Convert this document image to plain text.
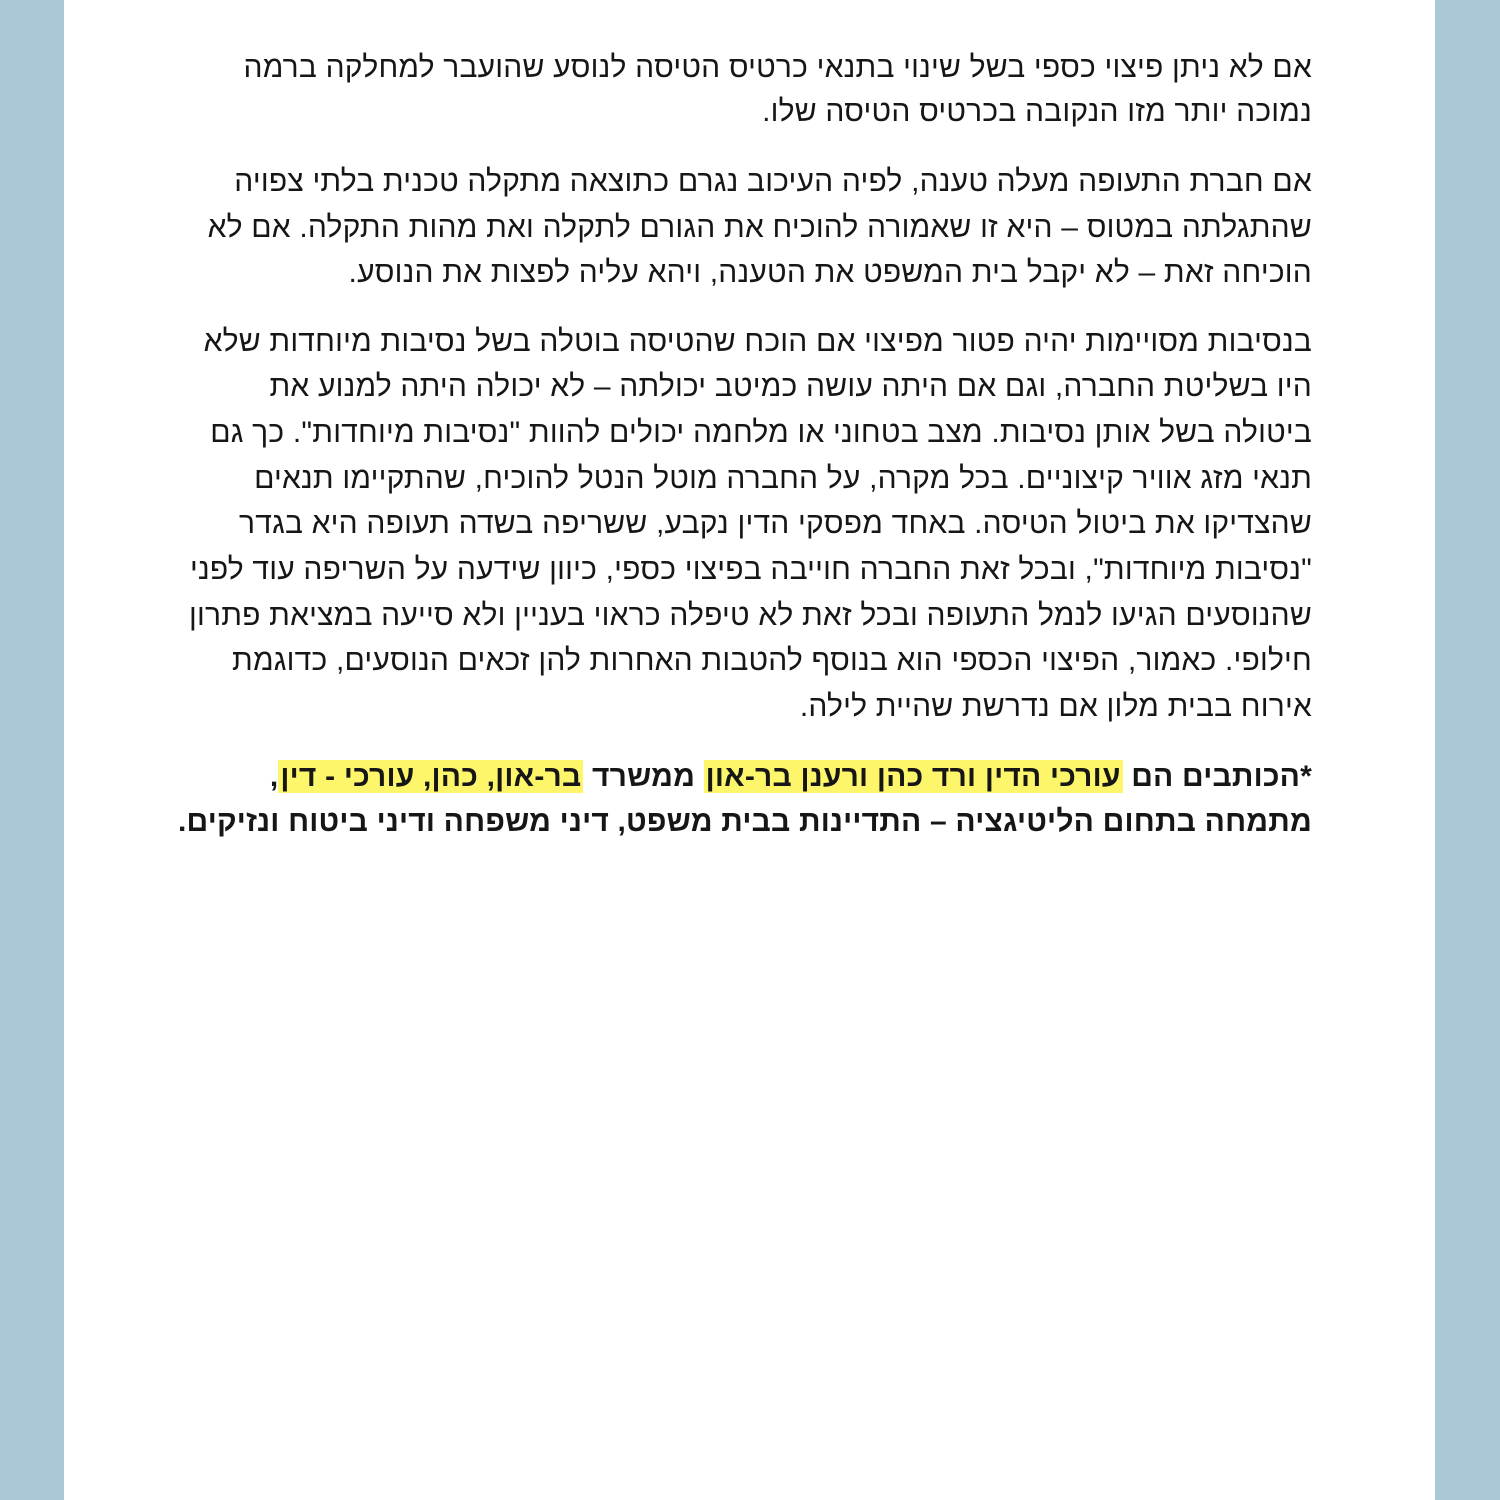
אם לא ניתן פיצוי כספי בשל שינוי בתנאי כרטיס הטיסה לנוסע שהועבר למחלקה ברמה
נמוכה יותר מזו הנקובה בכרטיס הטיסה שלו.
אם חברת התעופה מעלה טענה, לפיה העיכוב נגרם כתוצאה מתקלה טכנית בלתי צפויה
שהתגלתה במטוס – היא זו שאמורה להוכיח את הגורם לתקלה ואת מהות התקלה. אם לא
הוכיחה זאת – לא יקבל בית המשפט את הטענה, ויהא עליה לפצות את הנוסע.
בנסיבות מסויימות יהיה פטור מפיצוי אם הוכח שהטיסה בוטלה בשל נסיבות מיוחדות שלא
היו בשליטת החברה, וגם אם היתה עושה כמיטב יכולתה – לא יכולה היתה למנוע את
ביטולה בשל אותן נסיבות. מצב בטחוני או מלחמה יכולים להוות "נסיבות מיוחדות". כך גם
תנאי מזג אוויר קיצוניים. בכל מקרה, על החברה מוטל הנטל להוכיח, שהתקיימו תנאים
שהצדיקו את ביטול הטיסה. באחד מפסקי הדין נקבע, ששריפה בשדה תעופה היא בגדר
"נסיבות מיוחדות", ובכל זאת החברה חוייבה בפיצוי כספי, כיוון שידעה על השריפה עוד לפני
שהנוסעים הגיעו לנמל התעופה ובכל זאת לא טיפלה כראוי בעניין ולא סייעה במציאת פתרון
חילופי. כאמור, הפיצוי הכספי הוא בנוסף להטבות האחרות להן זכאים הנוסעים, כדוגמת
אירוח בבית מלון אם נדרשת שהיית לילה.
*הכותבים הם עורכי הדין ורד כהן ורענן בר-און ממשרד בר-און, כהן, עורכי - דין,
מתמחה בתחום הליטיגציה – התדיינות בבית משפט, דיני משפחה ודיני ביטוח ונזיקים.
